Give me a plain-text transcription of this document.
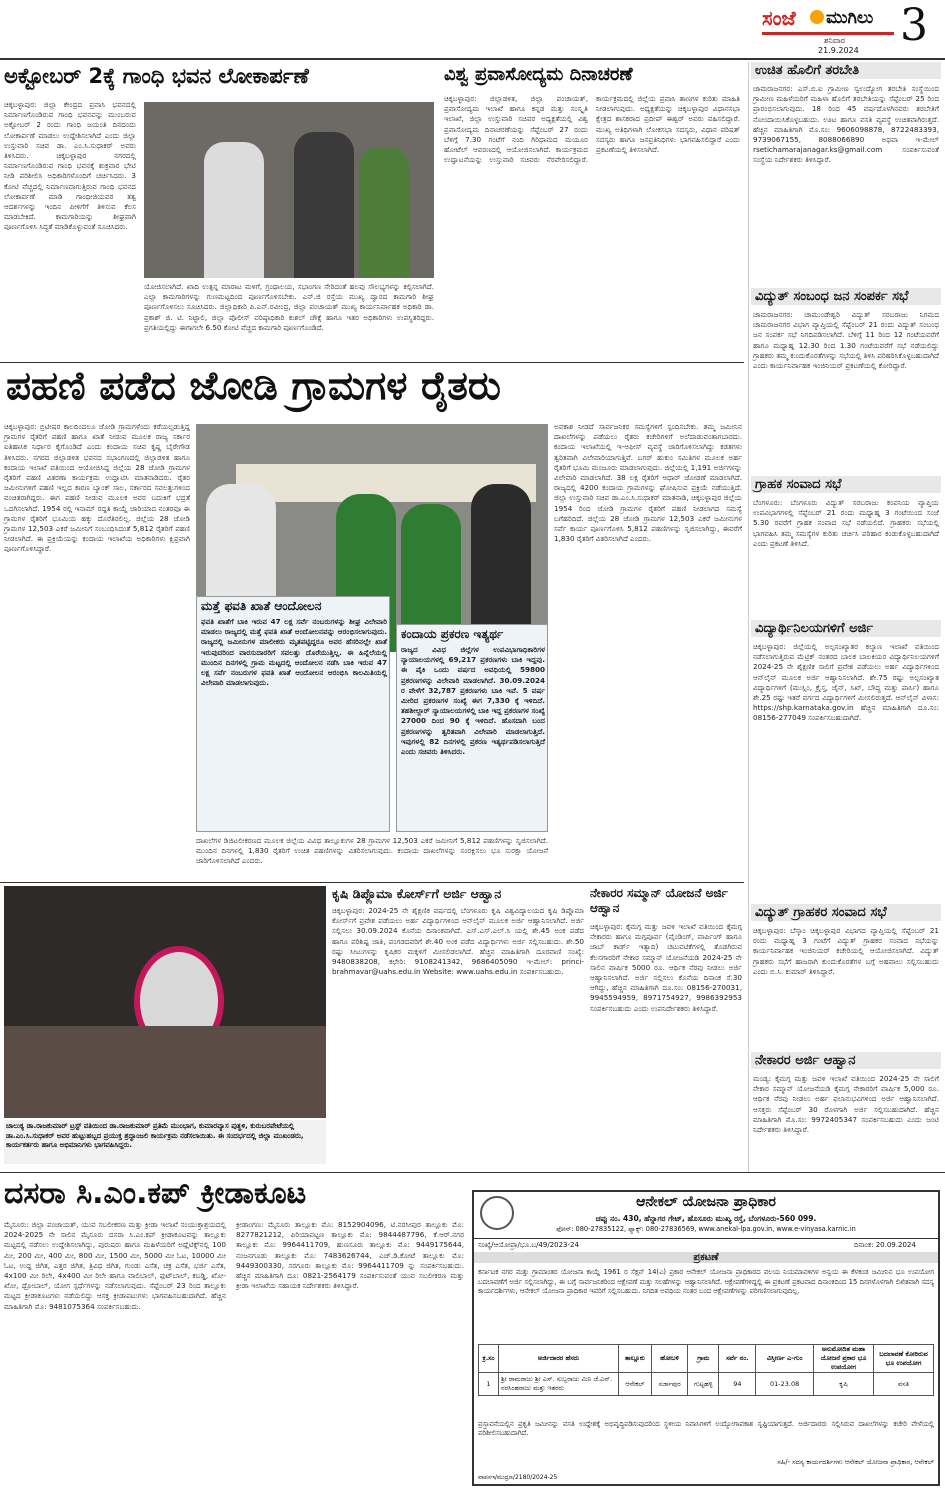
ಸಂಜೆ ಮುಗಿಲು
ಶನಿವಾರ
21.9.2024 3
ಅಕ್ಟೋಬರ್ 2ಕ್ಕೆ ಗಾಂಧಿ ಭವನ ಲೋಕಾರ್ಪಣೆ
ಚಿಕ್ಕಬಳ್ಳಾಪುರ: ಜಿಲ್ಲಾ ಕೇಂದ್ರದ ಪ್ರವಾಸಿ ಭವನದಲ್ಲಿ ನಿರ್ಮಾಣಗೊಂಡಿರುವ ಗಾಂಧಿ ಭವನವನ್ನು ಮುಂಬರುವ ಅಕ್ಟೋಬರ್ 2 ರಂದು ಗಾಂಧಿ ಜಯಂತಿ ದಿನದಂದು ಲೋಕಾರ್ಪಣೆ ಮಾಡಲು ಉದ್ದೇಶಿಸಲಾಗಿದೆ ಎಂದು ಜಿಲ್ಲಾ ಉಸ್ತುವಾರಿ ಸಚಿವ ಡಾ. ಎಂ.ಸಿ.ಸುಧಾಕರ್ ಅವರು ತಿಳಿಸಿದರು. ಚಿಕ್ಕಬಳ್ಳಾಪುರ ನಗರದಲ್ಲಿ ನಿರ್ಮಾಣಗೊಂಡಿರುವ ಗಾಂಧಿ ಭವನಕ್ಕೆ ಶುಕ್ರವಾರ ಭೇಟಿ ನೀಡಿ ಪರಿಶೀಲಿಸಿ ಅಧಿಕಾರಿಗಳೊಂದಿಗೆ ಚರ್ಚಿಸಿದರು. 3 ಕೋಟಿ ವೆಚ್ಚದಲ್ಲಿ ನಿರ್ಮಾಣವಾಗುತ್ತಿರುವ ಗಾಂಧಿ ಭವನದ ಲೋಕಾರ್ಪಣೆ ಮಾಡಿ ಗಾಂಧೀಜಿಯವರ ತತ್ವ ಆದರ್ಶಗಳನ್ನು ಇಂದಿನ ಪೀಳಿಗೆಗೆ ತಿಳಿಸುವ ಕೆಲಸ ಮಾಡಬೇಕಿದೆ. ಕಾಮಗಾರಿಯನ್ನು ಶೀಘ್ರವಾಗಿ ಪೂರ್ಣಗೊಳಿಸಿ ಸಿದ್ಧತೆ ಮಾಡಿಕೊಳ್ಳುವಂತೆ ಸೂಚಿಸಿದರು.
ಯೋಜಿಸಲಾಗಿದೆ. ಖಾದಿ ಉತ್ಪನ್ನ ಮಾರಾಟ ಮಳಿಗೆ, ಗ್ರಂಥಾಲಯ, ಸಭಾಂಗಣ ಸೇರಿದಂತೆ ಹಲವು ಸೌಲಭ್ಯಗಳನ್ನು ಕಲ್ಪಿಸಲಾಗಿದೆ. ಎಲ್ಲಾ ಕಾಮಗಾರಿಗಳನ್ನು ಗುಣಮಟ್ಟದಿಂದ ಪೂರ್ಣಗೊಳಿಸಬೇಕು. ಎನ್.ಜಿ ರಸ್ತೆಯ ಮುಖ್ಯ ದ್ವಾರದ ಕಾಮಗಾರಿ ಶೀಘ್ರ ಪೂರ್ಣಗೊಳಿಸಲು ಸೂಚಿಸಿದರು. ಜಿಲ್ಲಾಧಿಕಾರಿ ಪಿ.ಎನ್.ರವೀಂದ್ರ, ಜಿಲ್ಲಾ ಪಂಚಾಯತ್ ಮುಖ್ಯ ಕಾರ್ಯನಿರ್ವಾಹಕ ಅಧಿಕಾರಿ ಡಾ. ಪ್ರಕಾಶ್ ಜಿ. ಟಿ. ನಿಟ್ಟಾಲಿ, ಜಿಲ್ಲಾ ಪೊಲೀಸ್ ವರಿಷ್ಠಾಧಿಕಾರಿ ಕುಶಲ್ ಚೌಕ್ಸೆ ಹಾಗೂ ಇತರ ಅಧಿಕಾರಿಗಳು ಉಪಸ್ಥಿತರಿದ್ದರು. ಪ್ರಗತಿಯಲ್ಲಿದ್ದು ಈಗಾಗಲೇ 6.50 ಕೋಟಿ ವೆಚ್ಚದ ಕಾಮಗಾರಿ ಪೂರ್ಣಗೊಂಡಿದೆ.
ವಿಶ್ವ ಪ್ರವಾಸೋದ್ಯಮ ದಿನಾಚರಣೆ
ಚಿಕ್ಕಬಳ್ಳಾಪುರ: ಜಿಲ್ಲಾಡಳಿತ, ಜಿಲ್ಲಾ ಪಂಚಾಯತ್, ಪ್ರವಾಸೋದ್ಯಮ ಇಲಾಖೆ ಹಾಗೂ ಕನ್ನಡ ಮತ್ತು ಸಂಸ್ಕೃತಿ ಇಲಾಖೆ, ಜಿಲ್ಲಾ ಉಸ್ತುವಾರಿ ಸಚಿವರ ಅಧ್ಯಕ್ಷತೆಯಲ್ಲಿ ವಿಶ್ವ ಪ್ರವಾಸೋದ್ಯಮ ದಿನಾಚರಣೆಯನ್ನು ಸೆಪ್ಟೆಂಬರ್ 27 ರಂದು ಬೆಳಿಗ್ಗೆ 7.30 ಗಂಟೆಗೆ ನಂದಿ ಗಿರಿಧಾಮದ ಮಯೂರ ಹೋಟೆಲ್ ಆವರಣದಲ್ಲಿ ಆಯೋಜಿಸಲಾಗಿದೆ. ಕಾರ್ಯಕ್ರಮದ ಉದ್ಘಾಟನೆಯನ್ನು ಉಸ್ತುವಾರಿ ಸಚಿವರು ನೆರವೇರಿಸಲಿದ್ದಾರೆ. ಕಾರ್ಯಕ್ರಮದಲ್ಲಿ ಜಿಲ್ಲೆಯ ಪ್ರವಾಸಿ ತಾಣಗಳ ಕುರಿತು ಮಾಹಿತಿ ನೀಡಲಾಗುವುದು. ಅಧ್ಯಕ್ಷತೆಯನ್ನು ಚಿಕ್ಕಬಳ್ಳಾಪುರ ವಿಧಾನಸಭಾ ಕ್ಷೇತ್ರದ ಶಾಸಕರಾದ ಪ್ರದೀಪ್ ಈಶ್ವರ್ ಅವರು ವಹಿಸಲಿದ್ದಾರೆ. ಮುಖ್ಯ ಅತಿಥಿಗಳಾಗಿ ಲೋಕಸಭಾ ಸದಸ್ಯರು, ವಿಧಾನ ಪರಿಷತ್ ಸದಸ್ಯರು ಹಾಗೂ ಜನಪ್ರತಿನಿಧಿಗಳು ಭಾಗವಹಿಸಲಿದ್ದಾರೆ ಎಂದು ಪ್ರಕಟಣೆಯಲ್ಲಿ ತಿಳಿಸಲಾಗಿದೆ.
ಉಚಿತ ಹೊಲಿಗೆ ತರಬೇತಿ
ಚಾಮರಾಜನಗರ: ಎಸ್.ಬಿ.ಐ ಗ್ರಾಮೀಣ ಸ್ವಉದ್ಯೋಗ ತರಬೇತಿ ಸಂಸ್ಥೆಯಿಂದ ಗ್ರಾಮೀಣ ಮಹಿಳೆಯರಿಗೆ ಮಹಿಳಾ ಹೊಲಿಗೆ ತರಬೇತಿಯನ್ನು ಸೆಪ್ಟೆಂಬರ್ 25 ರಿಂದ ಪ್ರಾರಂಭಿಸಲಾಗುವುದು. 18 ರಿಂದ 45 ವರ್ಷದೊಳಗಿನವರು ತರಬೇತಿಗೆ ನೋಂದಾಯಿಸಿಕೊಳ್ಳಬಹುದು. ಊಟ ಹಾಗೂ ವಸತಿ ವ್ಯವಸ್ಥೆ ಉಚಿತವಾಗಿರುತ್ತದೆ. ಹೆಚ್ಚಿನ ಮಾಹಿತಿಗಾಗಿ ಮೊ.ಸಂ: 9606098878, 8722483393, 9739067155, 8088066890 ಅಥವಾ ಇ-ಮೇಲ್ rsetichamarajanagar.ks@gmail.com ಸಂಪರ್ಕಿಸುವಂತೆ ಸಂಸ್ಥೆಯ ನಿರ್ದೇಶಕರು ತಿಳಿಸಿದ್ದಾರೆ.
ವಿದ್ಯುತ್ ಸಂಬಂಧ ಜನ ಸಂಪರ್ಕ ಸಭೆ
ಚಾಮರಾಜನಗರ: ಚಾಮುಂಡೇಶ್ವರಿ ವಿದ್ಯುತ್ ಸರಬರಾಜು ನಿಗಮದ ಚಾಮರಾಜನಗರ ವಿಭಾಗ ವ್ಯಾಪ್ತಿಯಲ್ಲಿ ಸೆಪ್ಟೆಂಬರ್ 21 ರಂದು ವಿದ್ಯುತ್ ಸಂಬಂಧ ಜನ ಸಂಪರ್ಕ ಸಭೆ ನಿಗದಿಪಡಿಸಲಾಗಿದೆ. ಬೆಳಿಗ್ಗೆ 11 ರಿಂದ 12 ಗಂಟೆಯವರೆಗೆ ಹಾಗೂ ಮಧ್ಯಾಹ್ನ 12.30 ರಿಂದ 1.30 ಗಂಟೆಯವರೆಗೆ ಸಭೆ ನಡೆಯಲಿದ್ದು ಗ್ರಾಹಕರು ತಮ್ಮ ಕುಂದುಕೊರತೆಗಳನ್ನು ಸಭೆಯಲ್ಲಿ ತಿಳಿಸಿ ಪರಿಹರಿಸಿಕೊಳ್ಳಬಹುದಾಗಿದೆ ಎಂದು ಕಾರ್ಯನಿರ್ವಾಹಕ ಇಂಜಿನಿಯರ್ ಪ್ರಕಟಣೆಯಲ್ಲಿ ಕೋರಿದ್ದಾರೆ.
ಗ್ರಾಹಕ ಸಂವಾದ ಸಭೆ
ಬೆಂಗಳೂರು: ಬೆಂಗಳೂರು ವಿದ್ಯುತ್ ಸರಬರಾಜು ಕಂಪನಿಯ ವ್ಯಾಪ್ತಿಯ ಉಪವಿಭಾಗಗಳಲ್ಲಿ ಸೆಪ್ಟೆಂಬರ್ 21 ರಂದು ಮಧ್ಯಾಹ್ನ 3 ಗಂಟೆಯಿಂದ ಸಂಜೆ 5.30 ರವರೆಗೆ ಗ್ರಾಹಕ ಸಂವಾದ ಸಭೆ ನಡೆಯಲಿದೆ. ಗ್ರಾಹಕರು ಸಭೆಯಲ್ಲಿ ಭಾಗವಹಿಸಿ ತಮ್ಮ ಸಮಸ್ಯೆಗಳ ಕುರಿತು ಚರ್ಚಿಸಿ ಪರಿಹಾರ ಕಂಡುಕೊಳ್ಳಬಹುದಾಗಿದೆ ಎಂದು ಪ್ರಕಟಣೆ ತಿಳಿಸಿದೆ.
ವಿದ್ಯಾರ್ಥಿನಿಲಯಗಳಿಗೆ ಅರ್ಜಿ
ಚಿಕ್ಕಬಳ್ಳಾಪುರ: ಜಿಲ್ಲೆಯಲ್ಲಿ ಅಲ್ಪಸಂಖ್ಯಾತರ ಕಲ್ಯಾಣ ಇಲಾಖೆ ವತಿಯಿಂದ ನಡೆಸಲಾಗುತ್ತಿರುವ ಮೆಟ್ರಿಕ್ ನಂತರದ ಬಾಲಕ ಬಾಲಕಿಯರ ವಿದ್ಯಾರ್ಥಿನಿಲಯಗಳಿಗೆ 2024-25 ನೇ ಶೈಕ್ಷಣಿಕ ಸಾಲಿಗೆ ಪ್ರವೇಶ ಪಡೆಯಲು ಅರ್ಹ ವಿದ್ಯಾರ್ಥಿಗಳಿಂದ ಆನ್‌ಲೈನ್ ಮೂಲಕ ಅರ್ಜಿ ಆಹ್ವಾನಿಸಲಾಗಿದೆ. ಶೇ.75 ರಷ್ಟು ಅಲ್ಪಸಂಖ್ಯಾತ ವಿದ್ಯಾರ್ಥಿಗಳಿಗೆ (ಮುಸ್ಲಿಂ, ಕ್ರೈಸ್ತ, ಜೈನ್, ಸಿಖ್, ಬೌದ್ಧ ಮತ್ತು ಪಾರ್ಸಿ) ಹಾಗೂ ಶೇ.25 ರಷ್ಟು ಇತರೆ ವರ್ಗದ ವಿದ್ಯಾರ್ಥಿಗಳಿಗೆ ಮೀಸಲಿರುತ್ತದೆ. ಆನ್‌ಲೈನ್ ವಿಳಾಸ: https://shp.karnataka.gov.in ಹೆಚ್ಚಿನ ಮಾಹಿತಿಗಾಗಿ ದೂ.ಸಂ: 08156-277049 ಸಂಪರ್ಕಿಸಬಹುದಾಗಿದೆ.
ವಿದ್ಯುತ್ ಗ್ರಾಹಕರ ಸಂವಾದ ಸಭೆ
ಚಿಕ್ಕಬಳ್ಳಾಪುರ: ಬೆಸ್ಕಾಂ ಚಿಕ್ಕಬಳ್ಳಾಪುರ ವಿಭಾಗದ ವ್ಯಾಪ್ತಿಯಲ್ಲಿ ಸೆಪ್ಟೆಂಬರ್ 21 ರಂದು ಮಧ್ಯಾಹ್ನ 3 ಗಂಟೆಗೆ ವಿದ್ಯುತ್ ಗ್ರಾಹಕರ ಸಂವಾದ ಸಭೆಯನ್ನು ಕಾರ್ಯನಿರ್ವಾಹಕ ಇಂಜಿನಿಯರ್ ಕಚೇರಿಯಲ್ಲಿ ಆಯೋಜಿಸಲಾಗಿದೆ. ವಿದ್ಯುತ್ ಗ್ರಾಹಕರು ಸಭೆಗೆ ಹಾಜರಾಗಿ ಕುಂದುಕೊರತೆಗಳ ಬಗ್ಗೆ ಅಹವಾಲು ಸಲ್ಲಿಸಬಹುದು ಎಂದು ಬಿ.ಸಿ. ಕುಮಾರ್ ತಿಳಿಸಿದ್ದಾರೆ.
ನೇಕಾರರ ಅರ್ಜಿ ಆಹ್ವಾನ
ಮಂಡ್ಯ: ಕೈಮಗ್ಗ ಮತ್ತು ಜವಳಿ ಇಲಾಖೆ ವತಿಯಿಂದ 2024-25 ನೇ ಸಾಲಿಗೆ ನೇಕಾರ ಸಮ್ಮಾನ್ ಯೋಜನೆಯಡಿ ಕೈಮಗ್ಗ ನೇಕಾರರಿಗೆ ವಾರ್ಷಿಕ 5,000 ರೂ. ಆರ್ಥಿಕ ನೆರವು ನೀಡಲು ಅರ್ಹ ಫಲಾನುಭವಿಗಳಿಂದ ಅರ್ಜಿ ಆಹ್ವಾನಿಸಲಾಗಿದೆ. ಆಸಕ್ತರು ಸೆಪ್ಟೆಂಬರ್ 30 ರೊಳಗಾಗಿ ಅರ್ಜಿ ಸಲ್ಲಿಸಬಹುದಾಗಿದೆ. ಹೆಚ್ಚಿನ ಮಾಹಿತಿಗಾಗಿ ಮೊ.ಸಂ: 9972405347 ಸಂಪರ್ಕಿಸಬಹುದು ಎಂದು ಜಂಟಿ ನಿರ್ದೇಶಕರು ತಿಳಿಸಿದ್ದಾರೆ.
ಪಹಣಿ ಪಡೆದ ಜೋಡಿ ಗ್ರಾಮಗಳ ರೈತರು
ಚಿಕ್ಕಬಳ್ಳಾಪುರ: ಬ್ರಿಟೀಷರ ಕಾಲದಿಂದಲೂ ಜೋಡಿ ಗ್ರಾಮಗಳೆಂದು ಕರೆಯಲ್ಪಡುತ್ತಿದ್ದ ಗ್ರಾಮಗಳ ರೈತರಿಗೆ ಪಹಣಿ ಹಾಗೂ ಖಾತೆ ನೀಡುವ ಮೂಲಕ ರಾಜ್ಯ ಸರ್ಕಾರ ಐತಿಹಾಸಿಕ ನಿರ್ಧಾರ ಕೈಗೊಂಡಿದೆ ಎಂದು ಕಂದಾಯ ಸಚಿವ ಕೃಷ್ಣ ಬೈರೇಗೌಡ ತಿಳಿಸಿದರು. ನಗರದ ಜಿಲ್ಲಾಡಳಿತ ಭವನದ ಸಭಾಂಗಣದಲ್ಲಿ ಜಿಲ್ಲಾಡಳಿತ ಹಾಗೂ ಕಂದಾಯ ಇಲಾಖೆ ವತಿಯಿಂದ ಆಯೋಜಿಸಿದ್ದ ಜಿಲ್ಲೆಯ 28 ಜೋಡಿ ಗ್ರಾಮಗಳ ರೈತರಿಗೆ ಪಹಣಿ ವಿತರಣಾ ಕಾರ್ಯಕ್ರಮ ಉದ್ಘಾಟಿಸಿ ಮಾತನಾಡಿದರು. ರೈತರ ಜಮೀನುಗಳಿಗೆ ಪಹಣಿ ಇಲ್ಲದ ಕಾರಣ ಬ್ಯಾಂಕ್ ಸಾಲ, ಸರ್ಕಾರದ ಸವಲತ್ತುಗಳಿಂದ ವಂಚಿತರಾಗಿದ್ದರು. ಈಗ ಪಹಣಿ ನೀಡುವ ಮೂಲಕ ಅವರ ಬದುಕಿಗೆ ಭದ್ರತೆ ಒದಗಿಸಲಾಗಿದೆ. 1954 ರಲ್ಲಿ ಇನಾಮ್ ರದ್ದತಿ ಕಾಯ್ದೆ ಜಾರಿಯಾದ ನಂತರವೂ ಈ ಗ್ರಾಮಗಳ ರೈತರಿಗೆ ಭೂಮಿಯ ಹಕ್ಕು ದೊರೆತಿರಲಿಲ್ಲ. ಜಿಲ್ಲೆಯ 28 ಜೋಡಿ ಗ್ರಾಮಗಳ 12,503 ಎಕರೆ ಜಮೀನಿಗೆ ಸಂಬಂಧಿಸಿದಂತೆ 5,812 ರೈತರಿಗೆ ಪಹಣಿ ನೀಡಲಾಗಿದೆ. ಈ ಪ್ರಕ್ರಿಯೆಯನ್ನು ಕಂದಾಯ ಇಲಾಖೆಯ ಅಧಿಕಾರಿಗಳು ಕ್ಷಿಪ್ರವಾಗಿ ಪೂರ್ಣಗೊಳಿಸಿದ್ದಾರೆ.
ಮತ್ತೆ ಫವತಿ ಖಾತೆ ಆಂದೋಲನ
ಫವತಿ ಖಾತೆಗೆ ಬಾಕಿ ಇರುವ 47 ಲಕ್ಷ ಸರ್ವೆ ನಂಬರುಗಳನ್ನು ಶೀಘ್ರ ವಿಲೇವಾರಿ ಮಾಡಲು ರಾಜ್ಯದಲ್ಲಿ ಮತ್ತೆ ಫವತಿ ಖಾತೆ ಆಂದೋಲನವನ್ನು ಆರಂಭಿಸಲಾಗುವುದು. ರಾಜ್ಯದಲ್ಲಿ ಜಮೀನುಗಳ ಮಾಲೀಕರು ಮೃತಪಟ್ಟಿದ್ದರೂ ಅವರ ಹೆಸರಿನಲ್ಲೇ ಖಾತೆ ಇರುವುದರಿಂದ ವಾರಸುದಾರರಿಗೆ ಸವಲತ್ತು ದೊರೆಯುತ್ತಿಲ್ಲ. ಈ ಹಿನ್ನೆಲೆಯಲ್ಲಿ ಮುಂದಿನ ದಿನಗಳಲ್ಲಿ ಗ್ರಾಮ ಮಟ್ಟದಲ್ಲಿ ಆಂದೋಲನ ನಡೆಸಿ ಬಾಕಿ ಇರುವ 47 ಲಕ್ಷ ಸರ್ವೆ ನಂಬರುಗಳ ಫವತಿ ಖಾತೆ ಆಂದೋಲನ ಆರಂಭಿಸಿ ಕಾಲಮಿತಿಯಲ್ಲಿ ವಿಲೇವಾರಿ ಮಾಡಲಾಗುವುದು.
ಕಂದಾಯ ಪ್ರಕರಣ ಇತ್ಯರ್ಥ
ರಾಜ್ಯದ ವಿವಿಧ ಜಿಲ್ಲೆಗಳ ಉಪವಿಭಾಗಾಧಿಕಾರಿಗಳ ನ್ಯಾಯಾಲಯಗಳಲ್ಲಿ 69,217 ಪ್ರಕರಣಗಳು ಬಾಕಿ ಇದ್ದವು. ಈ ಪೈಕಿ ಒಂದು ವರ್ಷದ ಅವಧಿಯಲ್ಲಿ 59800 ಪ್ರಕರಣಗಳನ್ನು ವಿಲೇವಾರಿ ಮಾಡಲಾಗಿದೆ. 30.09.2024 ರ ವೇಳೆಗೆ 32,787 ಪ್ರಕರಣಗಳು ಬಾಕಿ ಇವೆ. 5 ವರ್ಷ ಮೀರಿದ ಪ್ರಕರಣಗಳ ಸಂಖ್ಯೆ ಈಗ 7,330 ಕ್ಕೆ ಇಳಿದಿದೆ. ತಹಶೀಲ್ದಾರ್ ನ್ಯಾಯಾಲಯಗಳಲ್ಲಿ ಬಾಕಿ ಇದ್ದ ಪ್ರಕರಣಗಳ ಸಂಖ್ಯೆ 27000 ದಿಂದ 90 ಕ್ಕೆ ಇಳಿದಿದೆ. ಹೊಸದಾಗಿ ಬಂದ ಪ್ರಕರಣಗಳನ್ನು ತ್ವರಿತವಾಗಿ ವಿಲೇವಾರಿ ಮಾಡಲಾಗುತ್ತಿದೆ. ಇವುಗಳಲ್ಲಿ 82 ದಿನಗಳಲ್ಲಿ ಪ್ರಕರಣ ಇತ್ಯರ್ಥಪಡಿಸಲಾಗುತ್ತಿದೆ ಎಂದು ಸಚಿವರು ತಿಳಿಸಿದರು.
ದಾಖಲೆಗಳ ಡಿಜಿಟಲೀಕರಣದ ಮೂಲಕ ಜಿಲ್ಲೆಯ ವಿವಿಧ ತಾಲ್ಲೂಕುಗಳ 28 ಗ್ರಾಮಗಳ 12,503 ಎಕರೆ ಜಮೀನಿಗೆ 5,812 ಪಹಣಿಗಳನ್ನು ಸೃಜಿಸಲಾಗಿದೆ. ಮುಂದಿನ ದಿನಗಳಲ್ಲಿ 1,830 ರೈತರಿಗೆ ಉಚಿತ ಪಹಣಿಗಳನ್ನು ವಿತರಿಸಲಾಗುವುದು. ಕಂದಾಯ ದಾಖಲೆಗಳನ್ನು ಸಂರಕ್ಷಿಸಲು ಭೂ ಸುರಕ್ಷಾ ಯೋಜನೆ ಜಾರಿಗೊಳಿಸಲಾಗಿದೆ ಎಂದರು.
ಅವಕಾಶ ನೀಡದೆ ಸಾರ್ವಜನಿಕರ ಸಮಸ್ಯೆಗಳಿಗೆ ಸ್ಪಂದಿಸಬೇಕು. ತಮ್ಮ ಜಮೀನಿನ ದಾಖಲೆಗಳನ್ನು ಪಡೆಯಲು ರೈತರು ಕಚೇರಿಗಳಿಗೆ ಅಲೆದಾಡುವಂತಾಗಬಾರದು. ಕಂದಾಯ ಇಲಾಖೆಯಲ್ಲಿ ಇ-ಆಫೀಸ್ ವ್ಯವಸ್ಥೆ ಜಾರಿಗೊಳಿಸಲಾಗಿದ್ದು ಕಡತಗಳು ತ್ವರಿತವಾಗಿ ವಿಲೇವಾರಿಯಾಗುತ್ತಿವೆ. ಬಗರ್ ಹುಕುಂ ಸಮಿತಿಗಳ ಮೂಲಕ ಅರ್ಹ ರೈತರಿಗೆ ಭೂಮಿ ಮಂಜೂರು ಮಾಡಲಾಗುವುದು. ಜಿಲ್ಲೆಯಲ್ಲಿ 1,191 ಅರ್ಜಿಗಳನ್ನು ವಿಲೇವಾರಿ ಮಾಡಲಾಗಿದೆ. 38 ಲಕ್ಷ ರೈತರಿಗೆ ಆಧಾರ್ ಜೋಡಣೆ ಮಾಡಲಾಗಿದೆ. ರಾಜ್ಯದಲ್ಲಿ 4200 ಕಂದಾಯ ಗ್ರಾಮಗಳನ್ನು ಘೋಷಿಸುವ ಪ್ರಕ್ರಿಯೆ ನಡೆಯುತ್ತಿದೆ. ಜಿಲ್ಲಾ ಉಸ್ತುವಾರಿ ಸಚಿವ ಡಾ.ಎಂ.ಸಿ.ಸುಧಾಕರ್ ಮಾತನಾಡಿ, ಚಿಕ್ಕಬಳ್ಳಾಪುರ ಜಿಲ್ಲೆಯ 1954 ರಿಂದ ಜೋಡಿ ಗ್ರಾಮಗಳ ರೈತರಿಗೆ ಪಹಣಿ ನೀಡಲಾಗದ ಸಮಸ್ಯೆ ಬಗೆಹರಿದಿದೆ. ಜಿಲ್ಲೆಯ 28 ಜೋಡಿ ಗ್ರಾಮಗಳ 12,503 ಎಕರೆ ಜಮೀನುಗಳ ಸರ್ವೆ ಕಾರ್ಯ ಪೂರ್ಣಗೊಳಿಸಿ 5,812 ಪಹಣಿಗಳನ್ನು ಸೃಜಿಸಲಾಗಿದ್ದು, ಈವರೆಗೆ 1,830 ರೈತರಿಗೆ ವಿತರಿಸಲಾಗಿದೆ ಎಂದರು.
ಚಾಲುಕ್ಯ ಡಾ.ರಾಜಕುಮಾರ್ ಟ್ರಸ್ಟ್ ವತಿಯಿಂದ ಡಾ.ರಾಜಕುಮಾರ್ ಪ್ರತಿಮೆ ಮುಂಭಾಗ, ಕುಮಾರವ್ಯಾಸ ಪುತ್ಥಳಿ, ಕುರುಬರಪೇಟೆಯಲ್ಲಿ ಡಾ.ಎಂ.ಸಿ.ಸುಧಾಕರ್ ಅವರ ಹುಟ್ಟುಹಬ್ಬದ ಪ್ರಯುಕ್ತ ಶ್ರದ್ಧಾಂಜಲಿ ಕಾರ್ಯಕ್ರಮ ನಡೆಸಲಾಯಿತು. ಈ ಸಂದರ್ಭದಲ್ಲಿ ಜಿಲ್ಲಾ ಮುಖಂಡರು, ಕಾರ್ಯಕರ್ತರು ಹಾಗೂ ಅಭಿಮಾನಿಗಳು ಭಾಗವಹಿಸಿದ್ದರು.
ಕೃಷಿ ಡಿಪ್ಲೊಮಾ ಕೋರ್ಸ್‌ಗೆ ಅರ್ಜಿ ಆಹ್ವಾನ
ಚಿಕ್ಕಬಳ್ಳಾಪುರ: 2024-25 ನೇ ಶೈಕ್ಷಣಿಕ ವರ್ಷದಲ್ಲಿ ಬೆಂಗಳೂರು ಕೃಷಿ ವಿಶ್ವವಿದ್ಯಾಲಯದ ಕೃಷಿ ಡಿಪ್ಲೊಮಾ ಕೋರ್ಸ್‌ಗೆ ಪ್ರವೇಶ ಪಡೆಯಲು ಅರ್ಹ ವಿದ್ಯಾರ್ಥಿಗಳಿಂದ ಆನ್‌ಲೈನ್ ಮೂಲಕ ಅರ್ಜಿ ಆಹ್ವಾನಿಸಲಾಗಿದೆ. ಅರ್ಜಿ ಸಲ್ಲಿಸಲು 30.09.2024 ಕೊನೆಯ ದಿನಾಂಕವಾಗಿದೆ. ಎಸ್.ಎಸ್.ಎಲ್.ಸಿ ಯಲ್ಲಿ ಶೇ.45 ಅಂಕ ಪಡೆದ ಹಾಗೂ ಪರಿಶಿಷ್ಟ ಜಾತಿ, ಪಂಗಡದವರಿಗೆ ಶೇ.40 ಅಂಕ ಪಡೆದ ವಿದ್ಯಾರ್ಥಿಗಳು ಅರ್ಜಿ ಸಲ್ಲಿಸಬಹುದು. ಶೇ.50 ರಷ್ಟು ಸೀಟುಗಳನ್ನು ಕೃಷಿಕರ ಮಕ್ಕಳಿಗೆ ಮೀಸಲಿಡಲಾಗಿದೆ. ಹೆಚ್ಚಿನ ಮಾಹಿತಿಗಾಗಿ ದೂರವಾಣಿ ಸಂಖ್ಯೆ: 9480838208, ಕಛೇರಿ: 9108241342, 9686405090 ಇ-ಮೇಲ್: princi-brahmavar@uahs.edu.in Website: www.uahs.edu.in ಸಂಪರ್ಕಿಸಬಹುದು.
ನೇಕಾರರ ಸಮ್ಮಾನ್ ಯೋಜನೆ ಅರ್ಜಿ ಆಹ್ವಾನ
ಚಿಕ್ಕಬಳ್ಳಾಪುರ: ಕೈಮಗ್ಗ ಮತ್ತು ಜವಳಿ ಇಲಾಖೆ ವತಿಯಿಂದ ಕೈಮಗ್ಗ ನೇಕಾರರು ಹಾಗೂ ಮಗ್ಗಪೂರ್ವ (ವೈಂಡಿಂಗ್, ವಾರ್ಪಿಂಗ್ ಹಾಗೂ ಜಾಬ್ ಕಾರ್ಡ್ ಇತ್ಯಾದಿ) ಚಟುವಟಿಕೆಗಳಲ್ಲಿ ತೊಡಗಿರುವ ಕೆಲಸಗಾರರಿಗೆ ನೇಕಾರ ಸಮ್ಮಾನ್ ಯೋಜನೆಯಡಿ 2024-25 ನೇ ಸಾಲಿನ ವಾರ್ಷಿಕ 5000 ರೂ. ಆರ್ಥಿಕ ನೆರವು ನೀಡಲು ಅರ್ಜಿ ಆಹ್ವಾನಿಸಲಾಗಿದೆ. ಅರ್ಜಿ ಸಲ್ಲಿಸಲು ಕೊನೆಯ ದಿನಾಂಕ ಸೆ.30 ಆಗಿದ್ದು, ಹೆಚ್ಚಿನ ಮಾಹಿತಿಗಾಗಿ ದೂ.ಸಂ: 08156-270031, 9945594959, 8971754927, 9986392953 ಸಂಪರ್ಕಿಸಬಹುದು ಎಂದು ಉಪನಿರ್ದೇಶಕರು ತಿಳಿಸಿದ್ದಾರೆ.
ದಸರಾ ಸಿ.ಎಂ.ಕಪ್ ಕ್ರೀಡಾಕೂಟ
ಮೈಸೂರು: ಜಿಲ್ಲಾ ಪಂಚಾಯತ್, ಯುವ ಸಬಲೀಕರಣ ಮತ್ತು ಕ್ರೀಡಾ ಇಲಾಖೆ ಸಂಯುಕ್ತಾಶ್ರಯದಲ್ಲಿ 2024-2025 ನೇ ಸಾಲಿನ ಮೈಸೂರು ದಸರಾ ಸಿ.ಎಂ.ಕಪ್ ಕ್ರೀಡಾಕೂಟವನ್ನು ತಾಲ್ಲೂಕು ಮಟ್ಟದಲ್ಲಿ ನಡೆಸಲು ಉದ್ದೇಶಿಸಲಾಗಿದ್ದು, ಪುರುಷರು ಹಾಗೂ ಮಹಿಳೆಯರಿಗೆ ಅಥ್ಲೆಟಿಕ್ಸ್‌ನಲ್ಲಿ 100 ಮೀ, 200 ಮೀ, 400 ಮೀ, 800 ಮೀ, 1500 ಮೀ, 5000 ಮೀ ಓಟ, 10000 ಮೀ ಓಟ, ಉದ್ದ ಜಿಗಿತ, ಎತ್ತರ ಜಿಗಿತ, ತ್ರಿವಿಧ ಜಿಗಿತ, ಗುಂಡು ಎಸೆತ, ಚಕ್ರ ಎಸೆತ, ಭರ್ಜಿ ಎಸೆತ, 4x100 ಮೀ ರಿಲೇ, 4x400 ಮೀ ರಿಲೇ ಹಾಗೂ ವಾಲಿಬಾಲ್, ಫುಟ್‌ಬಾಲ್, ಕಬಡ್ಡಿ, ಖೋ-ಖೋ, ಥ್ರೋಬಾಲ್, ಯೋಗ ಸ್ಪರ್ಧೆಗಳನ್ನು ನಡೆಸಲಾಗುವುದು. ಸೆಪ್ಟೆಂಬರ್ 23 ರಿಂದ ತಾಲ್ಲೂಕು ಮಟ್ಟದ ಕ್ರೀಡಾಕೂಟಗಳು ನಡೆಯಲಿದ್ದು ಆಸಕ್ತ ಕ್ರೀಡಾಪಟುಗಳು ಭಾಗವಹಿಸಬಹುದಾಗಿದೆ. ಹೆಚ್ಚಿನ ಮಾಹಿತಿಗಾಗಿ ಮೊ: 9481075364 ಸಂಪರ್ಕಿಸಬಹುದು.
ಕ್ರೀಡಾಂಗಣ: ಮೈಸೂರು ತಾಲ್ಲೂಕು ಮೊ: 8152904096, ಟಿ.ನರಸೀಪುರ ತಾಲ್ಲೂಕು ಮೊ: 8277821212, ಪಿರಿಯಾಪಟ್ಟಣ ತಾಲ್ಲೂಕು ಮೊ: 9844487796, ಕೆ.ಆರ್.ನಗರ ತಾಲ್ಲೂಕು ಮೊ: 9964411709, ಹುಣಸೂರು ತಾಲ್ಲೂಕು ಮೊ: 9449175644, ನಂಜನಗೂಡು ತಾಲ್ಲೂಕು ಮೊ: 7483626744, ಎಚ್.ಡಿ.ಕೋಟೆ ತಾಲ್ಲೂಕು ಮೊ: 9449300330, ಸರಗೂರು ತಾಲ್ಲೂಕು ಮೊ: 9964411709 ನ್ನು ಸಂಪರ್ಕಿಸಬಹುದು. ಹೆಚ್ಚಿನ ಮಾಹಿತಿಗಾಗಿ ದೂ: 0821-2564179 ಸಂಪರ್ಕಿಸುವಂತೆ ಯುವ ಸಬಲೀಕರಣ ಮತ್ತು ಕ್ರೀಡಾ ಇಲಾಖೆಯ ಸಹಾಯಕ ನಿರ್ದೇಶಕರು ತಿಳಿಸಿದ್ದಾರೆ.
ಆನೇಕಲ್ ಯೋಜನಾ ಪ್ರಾಧಿಕಾರ
ಚಪ್ಪು ನಂ. 430, ಹೆನ್ನಾಗರ ಗೇಟ್, ಹೊಸೂರು ಮುಖ್ಯ ರಸ್ತೆ, ಬೆಂಗಳೂರು-560 099.
ಫೋನ್: 080-27835122, ಫ್ಯಾಕ್ಸ್: 080-27836569, www.anekal-lpa.gov.in, www.e-vinyasa.karnic.in
ಸಂಖ್ಯೆ/ಆಯೋಪ್ರಾ/ಭೂ.ಬ/49/2023-24	ದಿನಾಂಕ: 20.09.2024
ಪ್ರಕಟಣೆ
ಕರ್ನಾಟಕ ನಗರ ಮತ್ತು ಗ್ರಾಮಾಂತರ ಯೋಜನಾ ಕಾಯ್ದೆ 1961 ರ ಸೆಕ್ಷನ್ 14(ಎ) ಪ್ರಕಾರ ಆನೇಕಲ್ ಯೋಜನಾ ಪ್ರಾಧಿಕಾರದ ವಲಯ ನಿಯಮಾವಳಿಗಳ ಅನ್ವಯ ಈ ಕೆಳಕಂಡ ಜಮೀನಿನ ಭೂ ಉಪಯೋಗ ಬದಲಾವಣೆಗೆ ಅರ್ಜಿ ಸಲ್ಲಿಸಲಾಗಿದ್ದು, ಈ ಬಗ್ಗೆ ಸಾರ್ವಜನಿಕರಿಂದ ಆಕ್ಷೇಪಣೆ ಮತ್ತು ಸಲಹೆಗಳನ್ನು ಆಹ್ವಾನಿಸಲಾಗಿದೆ. ಆಕ್ಷೇಪಣೆಗಳಿದ್ದಲ್ಲಿ ಈ ಪ್ರಕಟಣೆ ಪ್ರಕಟವಾದ ದಿನಾಂಕದಿಂದ 15 ದಿನಗಳೊಳಗಾಗಿ ಲಿಖಿತವಾಗಿ ಸದಸ್ಯ ಕಾರ್ಯದರ್ಶಿಗಳು, ಆನೇಕಲ್ ಯೋಜನಾ ಪ್ರಾಧಿಕಾರ ಇವರಿಗೆ ಸಲ್ಲಿಸಬಹುದು. ನಿಗದಿತ ಅವಧಿಯ ನಂತರ ಬಂದ ಆಕ್ಷೇಪಣೆಗಳನ್ನು ಪರಿಗಣಿಸಲಾಗುವುದಿಲ್ಲ.
ಕ್ರ.ಸಂ	ಅರ್ಜಿದಾರರ ಹೆಸರು	ತಾಲ್ಲೂಕು	ಹೋಬಳಿ	ಗ್ರಾಮ	ಸರ್ವೆ ನಂ.	ವಿಸ್ತೀರ್ಣ ಎ-ಗುಂ	ಅನುಮೋದಿತ ಮಹಾ ಯೋಜನೆ ಪ್ರಕಾರ ಭೂ ಉಪಯೋಗ	ಬದಲಾವಣೆ ಕೋರಿರುವ ಭೂ ಉಪಯೋಗ
1	ಶ್ರೀ ರಾಮರಾಜು ಶ್ರೀ ಎಸ್. ಸುಬ್ಬರಾಜು ಮಿನಿ ಜೆ.ಎನ್. ನರಸಿಂಹರಾಜು ಮತ್ತು ಇತರರು	ಆನೇಕಲ್	ಸರ್ಜಾಪುರ	ಗುಟ್ಟಹಳ್ಳಿ	94	01-23.08	ಕೃಷಿ	ವಸತಿ
ಪ್ರಸ್ತಾವನೆಯಲ್ಲಿನ ಪ್ರಕೃತಿ ಜಮೀನನ್ನು ವಸತಿ ಉದ್ದೇಶಕ್ಕೆ ಅಭಿವೃದ್ಧಿಪಡಿಸುವುದರಿಂದ ಸ್ಥಳೀಯ ನಿವಾಸಿಗಳಿಗೆ ಉದ್ಯೋಗಾವಕಾಶ ಸೃಷ್ಟಿಯಾಗುತ್ತದೆ. ಅರ್ಜಿದಾರರು ಸಲ್ಲಿಸಿರುವ ದಾಖಲೆಗಳನ್ನು ಕಚೇರಿ ವೇಳೆಯಲ್ಲಿ ಪರಿಶೀಲಿಸಬಹುದಾಗಿದೆ.
ಸಹಿ/- ಸದಸ್ಯ ಕಾರ್ಯದರ್ಶಿಗಳು ಆನೇಕಲ್ ಯೋಜನಾ ಪ್ರಾಧಿಕಾರ, ಆನೇಕಲ್
ವಾಪಸಇ/ಮುದ್ರಣ/2180/2024-25
